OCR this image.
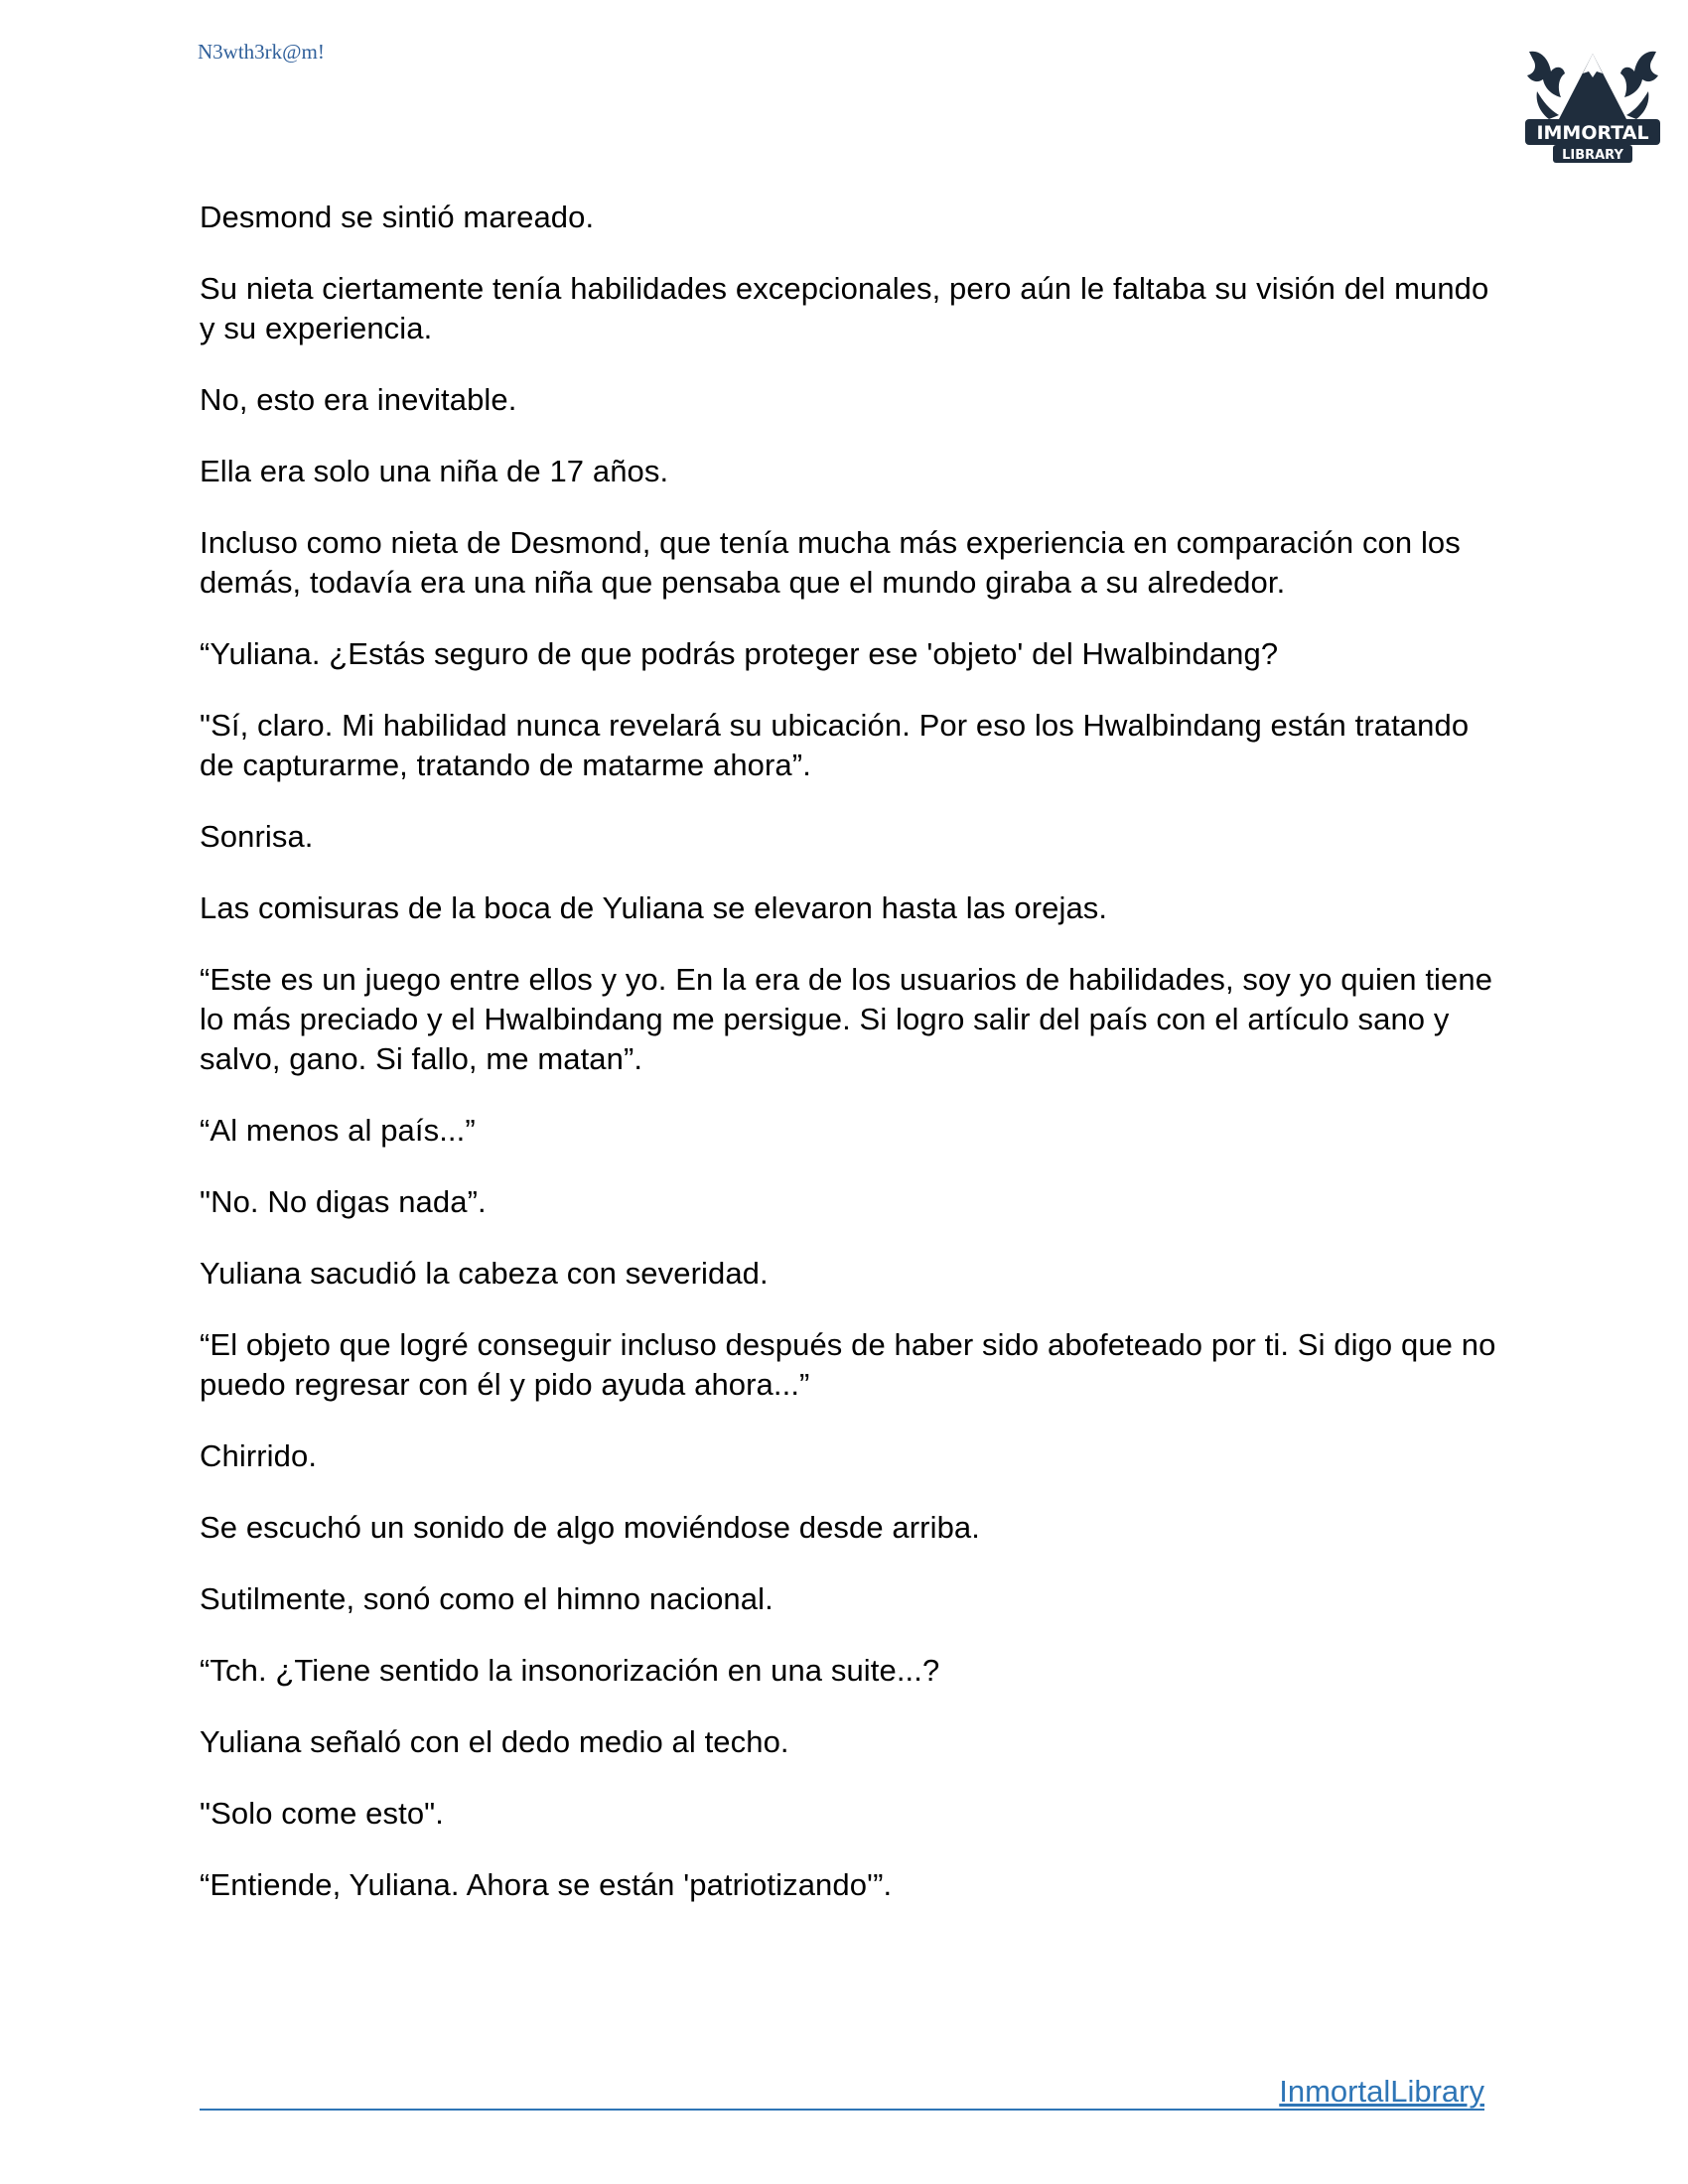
N3wth3rk@m!
IMMORTAL
LIBRARY

Desmond se sintió mareado.

Su nieta ciertamente tenía habilidades excepcionales, pero aún le faltaba su visión del mundo y su experiencia.

No, esto era inevitable.

Ella era solo una niña de 17 años.

Incluso como nieta de Desmond, que tenía mucha más experiencia en comparación con los demás, todavía era una niña que pensaba que el mundo giraba a su alrededor.

“Yuliana. ¿Estás seguro de que podrás proteger ese 'objeto' del Hwalbindang?

"Sí, claro. Mi habilidad nunca revelará su ubicación. Por eso los Hwalbindang están tratando de capturarme, tratando de matarme ahora”.

Sonrisa.

Las comisuras de la boca de Yuliana se elevaron hasta las orejas.

“Este es un juego entre ellos y yo. En la era de los usuarios de habilidades, soy yo quien tiene lo más preciado y el Hwalbindang me persigue. Si logro salir del país con el artículo sano y salvo, gano. Si fallo, me matan”.

“Al menos al país...”

"No. No digas nada”.

Yuliana sacudió la cabeza con severidad.

“El objeto que logré conseguir incluso después de haber sido abofeteado por ti. Si digo que no puedo regresar con él y pido ayuda ahora...”

Chirrido.

Se escuchó un sonido de algo moviéndose desde arriba.

Sutilmente, sonó como el himno nacional.

“Tch. ¿Tiene sentido la insonorización en una suite...?

Yuliana señaló con el dedo medio al techo.

"Solo come esto".

“Entiende, Yuliana. Ahora se están 'patriotizando'”.

InmortalLibrary
